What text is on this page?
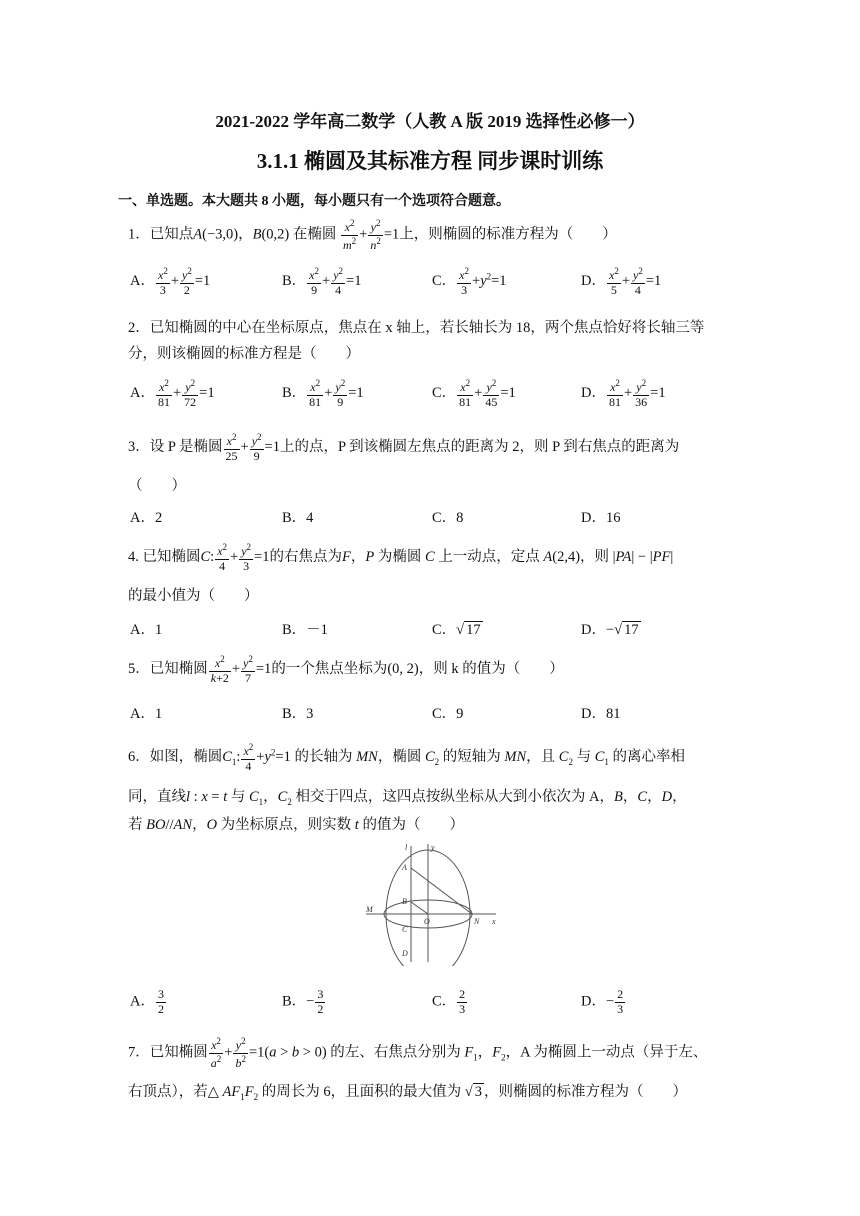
2021-2022 学年高二数学（人教 A 版 2019 选择性必修一）
3.1.1 椭圆及其标准方程 同步课时训练
一、单选题。本大题共 8 小题，每小题只有一个选项符合题意。
1．已知点A(−3,0)，B(0,2) 在椭圆 $\frac{x^2}{m^2} + \frac{y^2}{n^2} =1$上，则椭圆的标准方程为（　　）
A． $\frac{x^2}{3} + \frac{y^2}{2} =1$	B． $\frac{x^2}{9} + \frac{y^2}{4} =1$	C． $\frac{x^2}{3} +y^2=1$	D． $\frac{x^2}{5} + \frac{y^2}{4} =1$
2．已知椭圆的中心在坐标原点，焦点在 x 轴上，若长轴长为 18，两个焦点恰好将长轴三等
分，则该椭圆的标准方程是（　　）
A． $\frac{x^2}{81} + \frac{y^2}{72} =1$	B． $\frac{x^2}{81} + \frac{y^2}{9} =1$	C． $\frac{x^2}{81} + \frac{y^2}{45} =1$	D． $\frac{x^2}{81} + \frac{y^2}{36} =1$
3．设 P 是椭圆 $\frac{x^2}{25} + \frac{y^2}{9} =1$上的点，P 到该椭圆左焦点的距离为 2，则 P 到右焦点的距离为
（　　）
A．2	B．4	C．8	D．16
4. 已知椭圆C: $\frac{x^2}{4} + \frac{y^2}{3} =1$的右焦点为F，P 为椭圆 C 上一动点，定点 A(2,4)，则 |PA| − |PF|
的最小值为（　　）
A．1	B．－1	C．√ 17	D．−√ 17
5．已知椭圆 $\frac{x^2}{k+2} + \frac{y^2}{7} =1$的一个焦点坐标为(0, 2)，则 k 的值为（　　）
A．1	B．3	C．9	D．81
6．如图，椭圆$C_1$: $\frac{x^2}{4} +y^2=1$ 的长轴为 MN，椭圆 $C_2$ 的短轴为 MN，且 $C_2$ 与 $C_1$ 的离心率相
同，直线l : x = t 与 $C_1$，$C_2$ 相交于四点，这四点按纵坐标从大到小依次为 A，B，C，D，
若 BO//AN，O 为坐标原点，则实数 t 的值为（　　）
A
B
C
D
M
O	N x
y
l
A． $\frac{3}{2}$	B．− $\frac{3}{2}$	C． $\frac{2}{3}$	D．− $\frac{2}{3}$
7．已知椭圆 $\frac{x^2}{a^2} + \frac{y^2}{b^2} =1(a > b > 0)$ 的左、右焦点分别为 $F_1$，$F_2$，A 为椭圆上一动点（异于左、
右顶点），若△ $AF_1F_2$ 的周长为 6，且面积的最大值为 √ 3 ，则椭圆的标准方程为（　　）
